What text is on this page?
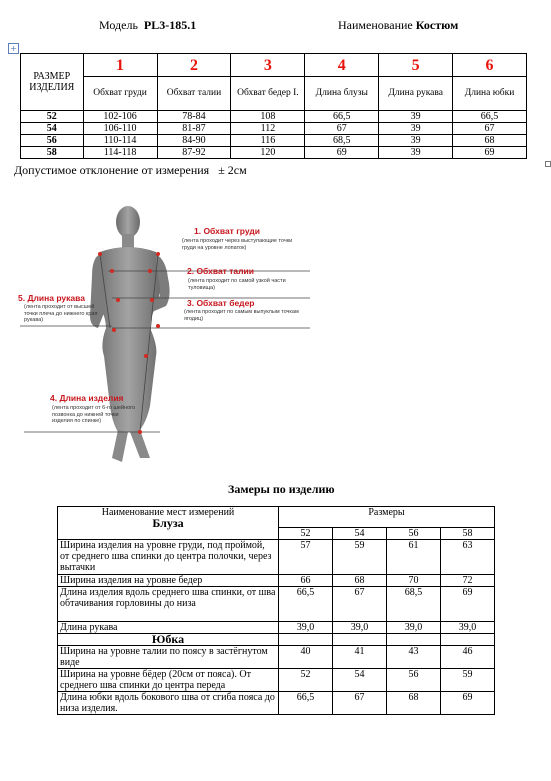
Модель PL3-185.1	Наименование Костюм
+
РАЗМЕР ИЗДЕЛИЯ	1	2	3	4	5	6
	Обхват груди	Обхват талии	Обхват бедер I.	Длина блузы	Длина рукава	Длина юбки
52	102-106	78-84	108	66,5	39	66,5
54	106-110	81-87	112	67	39	67
56	110-114	84-90	116	68,5	39	68
58	114-118	87-92	120	69	39	69
Допустимое отклонение от измерения ± 2см
1. Обхват груди
(лента проходит через выступающие точки груди на уровне лопаток)
2. Обхват талии
(лента проходит по самой узкой части туловища)
3. Обхват бедер
(лента проходит по самым выпуклым точкам ягодиц)
5. Длина рукава
(лента проходит от высшей точки плеча до нижнего края рукава)
4. Длина изделия
(лента проходит от 6-го шейного позвонка до нижней точки изделия по спинке)
Замеры по изделию
Наименование мест измерений
Блуза	Размеры			
	52	54	56	58
Ширина изделия на уровне груди, под проймой, от среднего шва спинки до центра полочки, через вытачки	57	59	61	63
Ширина изделия на уровне бедер	66	68	70	72
Длина изделия вдоль среднего шва спинки, от шва обтачивания горловины до низа	66,5	67	68,5	69
Длина рукава	39,0	39,0	39,0	39,0
Юбка				
Ширина на уровне талии по поясу в застёгнутом виде	40	41	43	46
Ширина на уровне бёдер (20см от пояса). От среднего шва спинки до центра переда	52	54	56	59
Длина юбки вдоль бокового шва от сгиба пояса до низа изделия.	66,5	67	68	69
